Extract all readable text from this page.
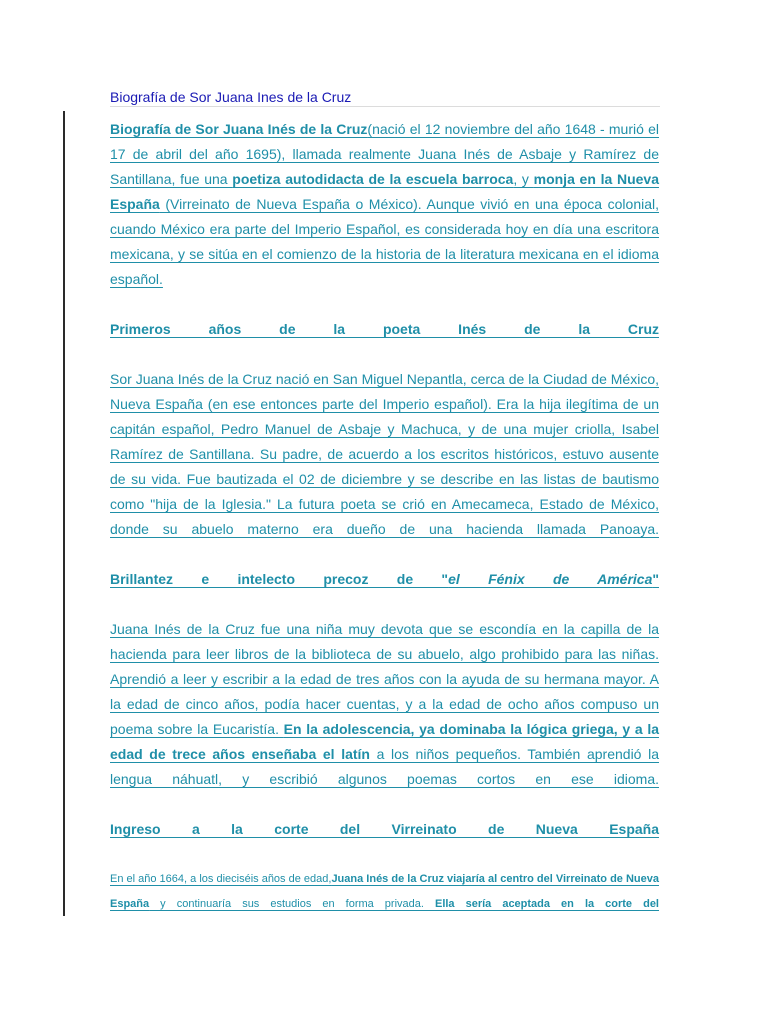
Biografía de Sor Juana Ines de la Cruz

Biografía de Sor Juana Inés de la Cruz(nació el 12 noviembre del año 1648 - murió el 17 de abril del año 1695), llamada realmente Juana Inés de Asbaje y Ramírez de Santillana, fue una poetiza autodidacta de la escuela barroca, y monja en la Nueva España (Virreinato de Nueva España o México). Aunque vivió en una época colonial, cuando México era parte del Imperio Español, es considerada hoy en día una escritora mexicana, y se sitúa en el comienzo de la historia de la literatura mexicana en el idioma español.

Primeros años de la poeta Inés de la Cruz

Sor Juana Inés de la Cruz nació en San Miguel Nepantla, cerca de la Ciudad de México, Nueva España (en ese entonces parte del Imperio español). Era la hija ilegítima de un capitán español, Pedro Manuel de Asbaje y Machuca, y de una mujer criolla, Isabel Ramírez de Santillana. Su padre, de acuerdo a los escritos históricos, estuvo ausente de su vida. Fue bautizada el 02 de diciembre y se describe en las listas de bautismo como "hija de la Iglesia." La futura poeta se crió en Amecameca, Estado de México, donde su abuelo materno era dueño de una hacienda llamada Panoaya.

Brillantez e intelecto precoz de "el Fénix de América"

Juana Inés de la Cruz fue una niña muy devota que se escondía en la capilla de la hacienda para leer libros de la biblioteca de su abuelo, algo prohibido para las niñas. Aprendió a leer y escribir a la edad de tres años con la ayuda de su hermana mayor. A la edad de cinco años, podía hacer cuentas, y a la edad de ocho años compuso un poema sobre la Eucaristía. En la adolescencia, ya dominaba la lógica griega, y a la edad de trece años enseñaba el latín a los niños pequeños. También aprendió la lengua náhuatl, y escribió algunos poemas cortos en ese idioma.

Ingreso a la corte del Virreinato de Nueva España

En el año 1664, a los dieciséis años de edad,Juana Inés de la Cruz viajaría al centro del Virreinato de Nueva España y continuaría sus estudios en forma privada. Ella sería aceptada en la corte del
